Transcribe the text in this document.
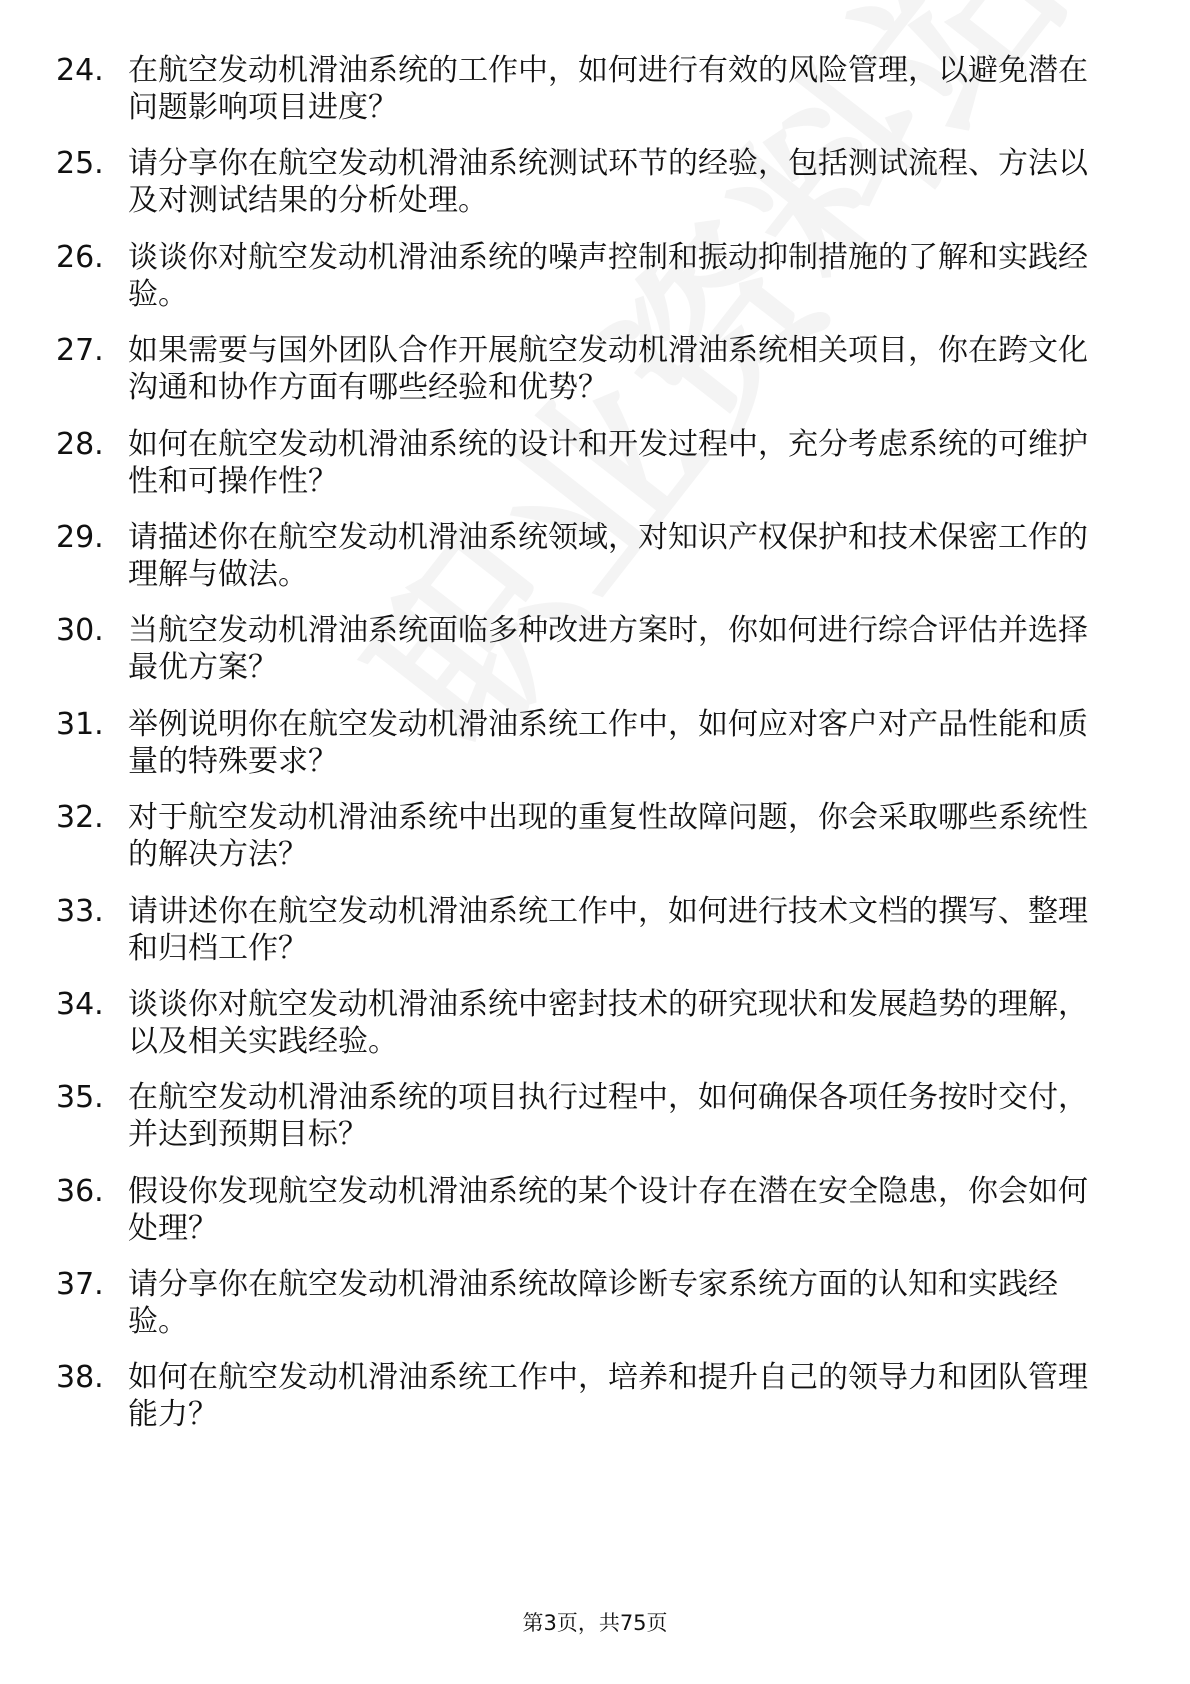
24. 在航空发动机滑油系统的工作中，如何进行有效的风险管理，以避免潜在问题影响项目进度？
25. 请分享你在航空发动机滑油系统测试环节的经验，包括测试流程、方法以及对测试结果的分析处理。
26. 谈谈你对航空发动机滑油系统的噪声控制和振动抑制措施的了解和实践经验。
27. 如果需要与国外团队合作开展航空发动机滑油系统相关项目，你在跨文化沟通和协作方面有哪些经验和优势？
28. 如何在航空发动机滑油系统的设计和开发过程中，充分考虑系统的可维护性和可操作性？
29. 请描述你在航空发动机滑油系统领域，对知识产权保护和技术保密工作的理解与做法。
30. 当航空发动机滑油系统面临多种改进方案时，你如何进行综合评估并选择最优方案？
31. 举例说明你在航空发动机滑油系统工作中，如何应对客户对产品性能和质量的特殊要求？
32. 对于航空发动机滑油系统中出现的重复性故障问题，你会采取哪些系统性的解决方法？
33. 请讲述你在航空发动机滑油系统工作中，如何进行技术文档的撰写、整理和归档工作？
34. 谈谈你对航空发动机滑油系统中密封技术的研究现状和发展趋势的理解，以及相关实践经验。
35. 在航空发动机滑油系统的项目执行过程中，如何确保各项任务按时交付，并达到预期目标？
36. 假设你发现航空发动机滑油系统的某个设计存在潜在安全隐患，你会如何处理？
37. 请分享你在航空发动机滑油系统故障诊断专家系统方面的认知和实践经验。
38. 如何在航空发动机滑油系统工作中，培养和提升自己的领导力和团队管理能力？
第3页，共75页
